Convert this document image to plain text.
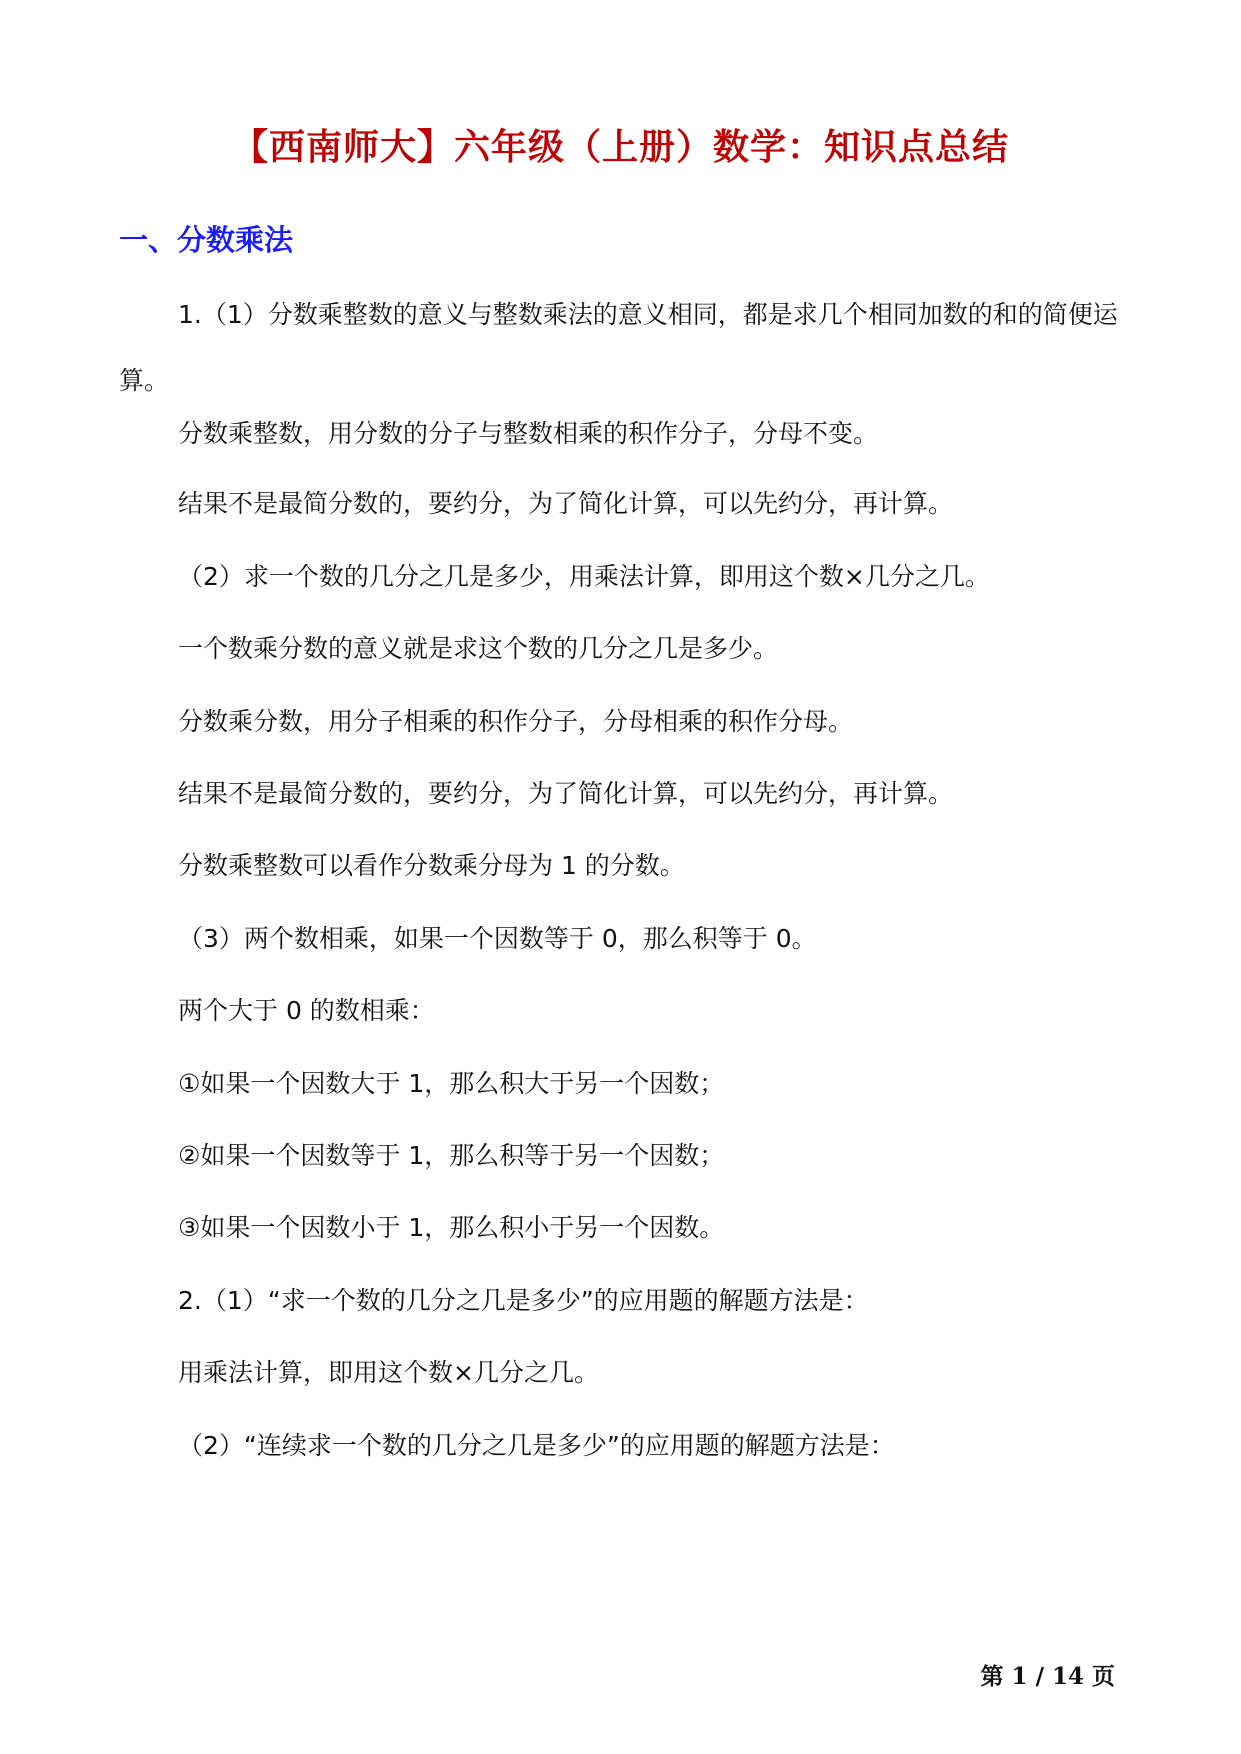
【西南师大】六年级（上册）数学：知识点总结
一、分数乘法
1.（1）分数乘整数的意义与整数乘法的意义相同，都是求几个相同加数的和的简便运算。
分数乘整数，用分数的分子与整数相乘的积作分子，分母不变。
结果不是最简分数的，要约分，为了简化计算，可以先约分，再计算。
（2）求一个数的几分之几是多少，用乘法计算，即用这个数×几分之几。
一个数乘分数的意义就是求这个数的几分之几是多少。
分数乘分数，用分子相乘的积作分子，分母相乘的积作分母。
结果不是最简分数的，要约分，为了简化计算，可以先约分，再计算。
分数乘整数可以看作分数乘分母为 1 的分数。
（3）两个数相乘，如果一个因数等于 0，那么积等于 0。
两个大于 0 的数相乘：
①如果一个因数大于 1，那么积大于另一个因数；
②如果一个因数等于 1，那么积等于另一个因数；
③如果一个因数小于 1，那么积小于另一个因数。
2.（1）“求一个数的几分之几是多少”的应用题的解题方法是：
用乘法计算，即用这个数×几分之几。
（2）“连续求一个数的几分之几是多少”的应用题的解题方法是：
第 1 / 14 页
